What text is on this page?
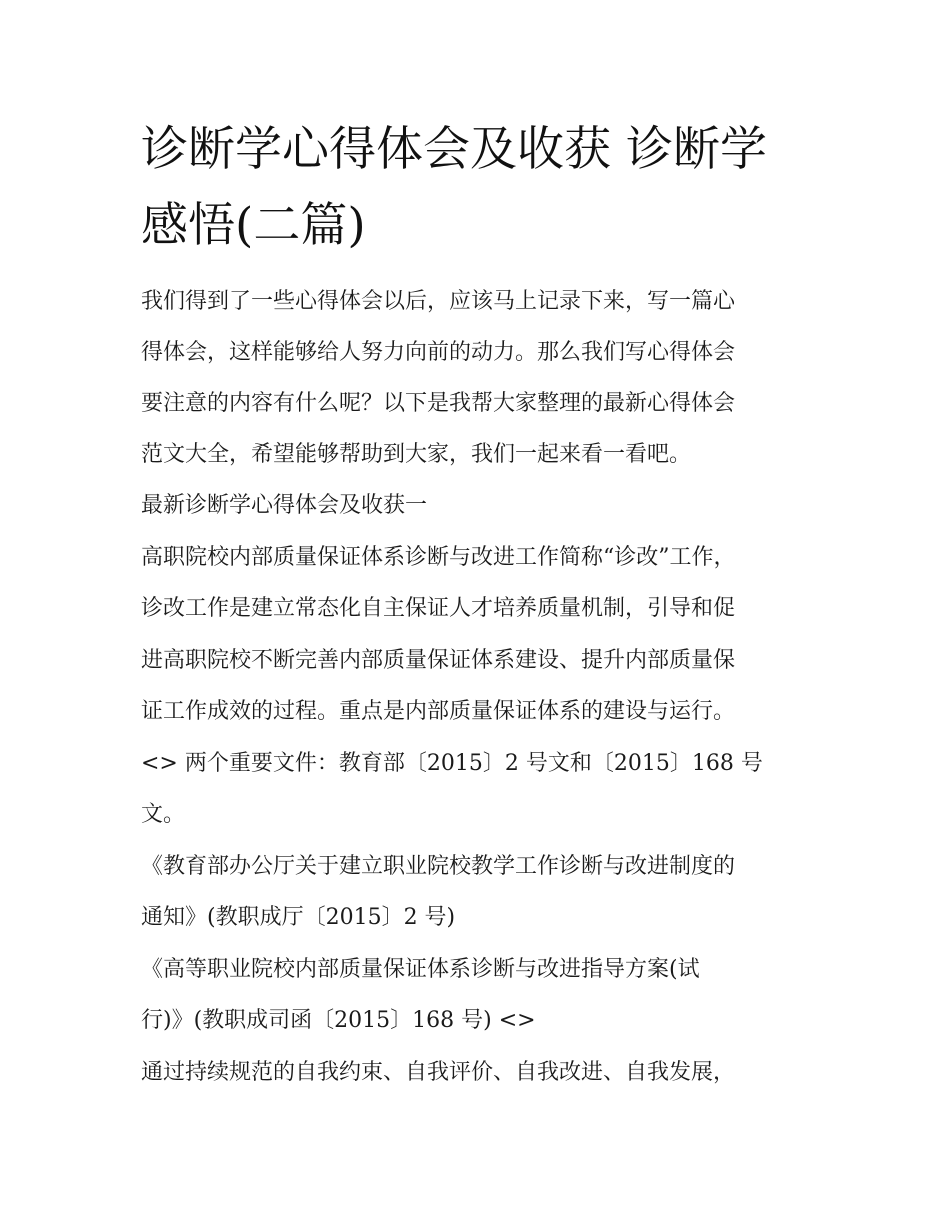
诊断学心得体会及收获 诊断学
感悟(二篇)

我们得到了一些心得体会以后，应该马上记录下来，写一篇心
得体会，这样能够给人努力向前的动力。那么我们写心得体会
要注意的内容有什么呢？以下是我帮大家整理的最新心得体会
范文大全，希望能够帮助到大家，我们一起来看一看吧。

最新诊断学心得体会及收获一

高职院校内部质量保证体系诊断与改进工作简称“诊改”工作，
诊改工作是建立常态化自主保证人才培养质量机制，引导和促
进高职院校不断完善内部质量保证体系建设、提升内部质量保
证工作成效的过程。重点是内部质量保证体系的建设与运行。

<> 两个重要文件：教育部〔2015〕2 号文和〔2015〕168 号
文。

《教育部办公厅关于建立职业院校教学工作诊断与改进制度的
通知》(教职成厅〔2015〕2 号)

《高等职业院校内部质量保证体系诊断与改进指导方案(试
行)》(教职成司函〔2015〕168 号) <>

通过持续规范的自我约束、自我评价、自我改进、自我发展，
